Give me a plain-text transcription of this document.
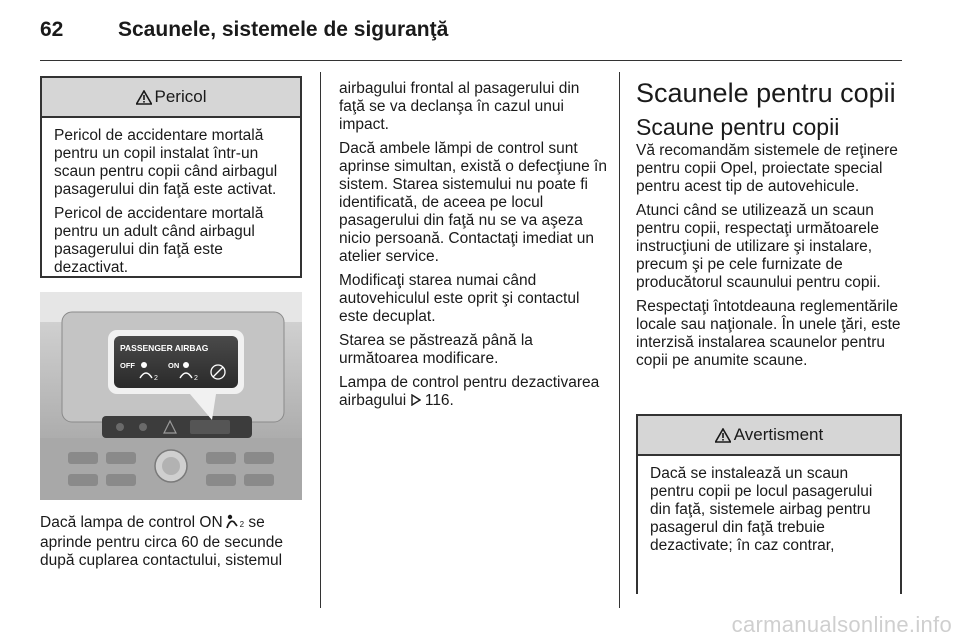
62	Scaunele, sistemele de siguranţă
Pericol

Pericol de accidentare mortală pentru un copil instalat într-un scaun pentru copii când airbagul pasagerului din faţă este activat.

Pericol de accidentare mortală pentru un adult când airbagul pasagerului din faţă este dezactivat.

PASSENGER AIRBAG
OFF
2
ON
2

Dacă lampa de control ON 2 se aprinde pentru circa 60 de secunde după cuplarea contactului, sistemul

airbagului frontal al pasagerului din faţă se va declanşa în cazul unui impact.

Dacă ambele lămpi de control sunt aprinse simultan, există o defecţiune în sistem. Starea sistemului nu poate fi identificată, de aceea pe locul pasagerului din faţă nu se va aşeza nicio persoană. Contactaţi imediat un atelier service.

Modificaţi starea numai când autovehiculul este oprit şi contactul este decuplat.

Starea se păstrează până la următoarea modificare.

Lampa de control pentru dezactivarea airbagului 116.

Scaunele pentru copii
Scaune pentru copii

Vă recomandăm sistemele de reţinere pentru copii Opel, proiectate special pentru acest tip de autovehicule.

Atunci când se utilizează un scaun pentru copii, respectaţi următoarele instrucţiuni de utilizare şi instalare, precum şi pe cele furnizate de producătorul scaunului pentru copii.

Respectaţi întotdeauna reglementările locale sau naţionale. În unele ţări, este interzisă instalarea scaunelor pentru copii pe anumite scaune.

Avertisment

Dacă se instalează un scaun pentru copii pe locul pasagerului din faţă, sistemele airbag pentru pasagerul din faţă trebuie dezactivate; în caz contrar,

carmanualsonline.info
